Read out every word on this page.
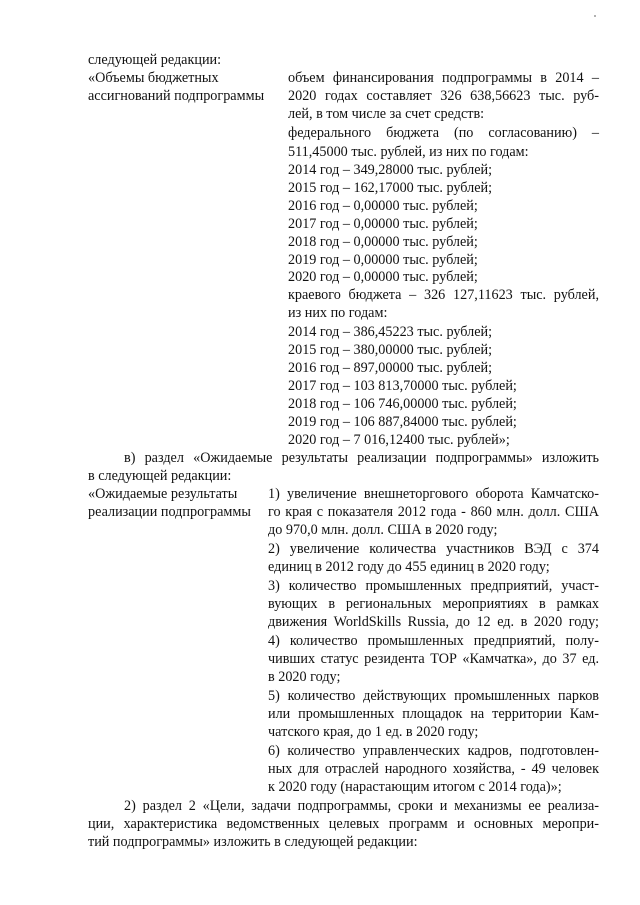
следующей редакции:
«Объемы бюджетных
ассигнований подпрограммы
объем финансирования подпрограммы в 2014 –
2020 годах составляет 326 638,56623 тыс. руб-
лей, в том числе за счет средств:
федерального бюджета (по согласованию) –
511,45000 тыс. рублей, из них по годам:
2014 год – 349,28000 тыс. рублей;
2015 год – 162,17000 тыс. рублей;
2016 год – 0,00000 тыс. рублей;
2017 год – 0,00000 тыс. рублей;
2018 год – 0,00000 тыс. рублей;
2019 год – 0,00000 тыс. рублей;
2020 год – 0,00000 тыс. рублей;
краевого бюджета – 326 127,11623 тыс. рублей,
из них по годам:
2014 год – 386,45223 тыс. рублей;
2015 год – 380,00000 тыс. рублей;
2016 год – 897,00000 тыс. рублей;
2017 год – 103 813,70000 тыс. рублей;
2018 год – 106 746,00000 тыс. рублей;
2019 год – 106 887,84000 тыс. рублей;
2020 год – 7 016,12400 тыс. рублей»;
в) раздел «Ожидаемые результаты реализации подпрограммы» изложить
в следующей редакции:
«Ожидаемые результаты
реализации подпрограммы
1) увеличение внешнеторгового оборота Камчатско-
го края с показателя 2012 года - 860 млн. долл. США
до 970,0 млн. долл. США в 2020 году;
2) увеличение количества участников ВЭД с 374
единиц в 2012 году до 455 единиц в 2020 году;
3) количество промышленных предприятий, участ-
вующих в региональных мероприятиях в рамках
движения WorldSkills Russia, до 12 ед. в 2020 году;
4) количество промышленных предприятий, полу-
чивших статус резидента ТОР «Камчатка», до 37 ед.
в 2020 году;
5) количество действующих промышленных парков
или промышленных площадок на территории Кам-
чатского края, до 1 ед. в 2020 году;
6) количество управленческих кадров, подготовлен-
ных для отраслей народного хозяйства, - 49 человек
к 2020 году (нарастающим итогом с 2014 года)»;
2) раздел 2 «Цели, задачи подпрограммы, сроки и механизмы ее реализа-
ции, характеристика ведомственных целевых программ и основных меропри-
тий подпрограммы» изложить в следующей редакции:
